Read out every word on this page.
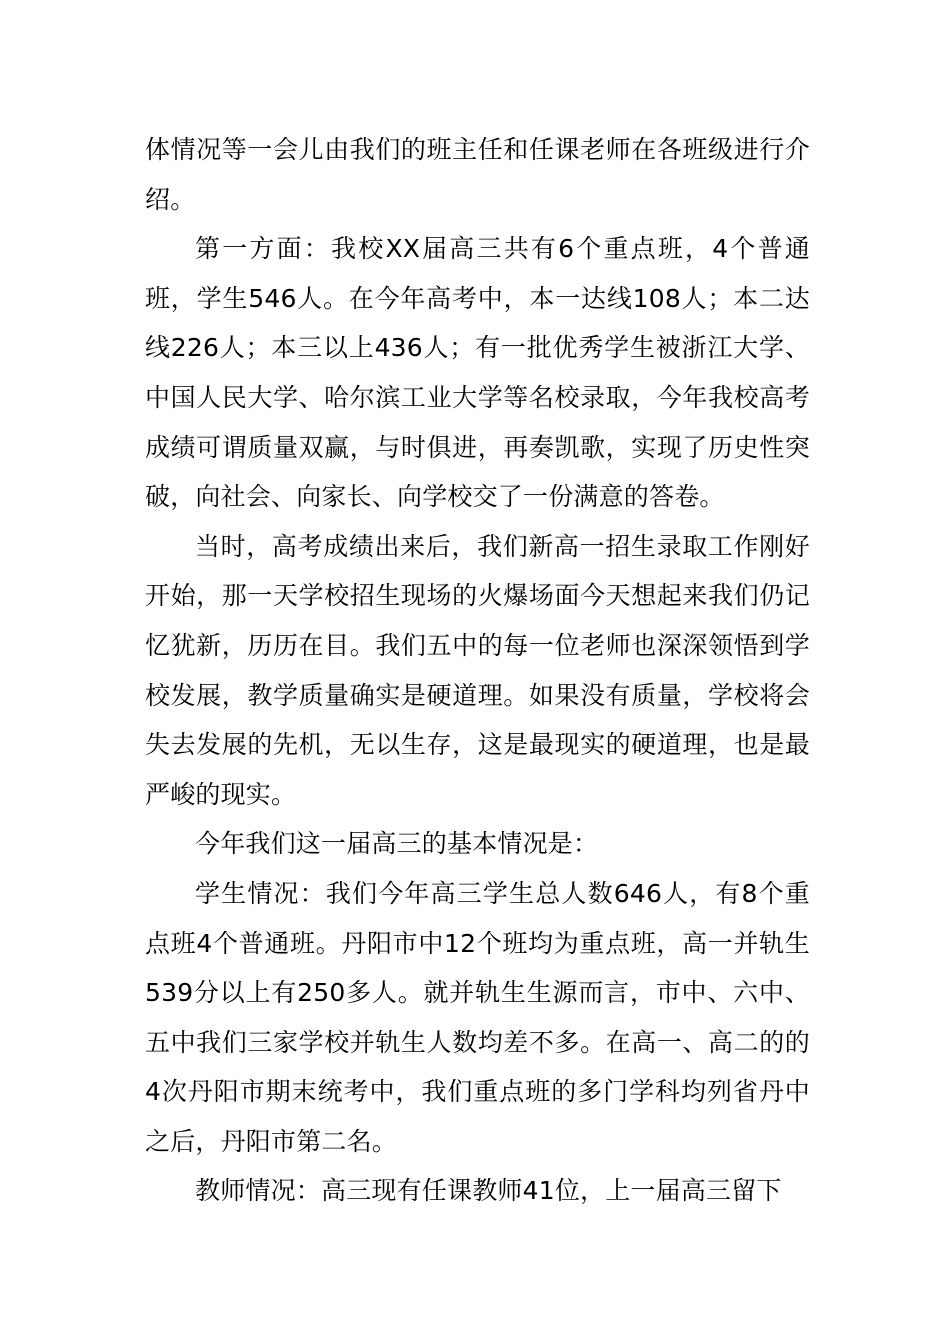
体情况等一会儿由我们的班主任和任课老师在各班级进行介绍。

第一方面：我校XX届高三共有6个重点班，4个普通班，学生546人。在今年高考中，本一达线108人；本二达线226人；本三以上436人；有一批优秀学生被浙江大学、中国人民大学、哈尔滨工业大学等名校录取，今年我校高考成绩可谓质量双赢，与时俱进，再奏凯歌，实现了历史性突破，向社会、向家长、向学校交了一份满意的答卷。

当时，高考成绩出来后，我们新高一招生录取工作刚好开始，那一天学校招生现场的火爆场面今天想起来我们仍记忆犹新，历历在目。我们五中的每一位老师也深深领悟到学校发展，教学质量确实是硬道理。如果没有质量，学校将会失去发展的先机，无以生存，这是最现实的硬道理，也是最严峻的现实。

今年我们这一届高三的基本情况是：

学生情况：我们今年高三学生总人数646人，有8个重点班4个普通班。丹阳市中12个班均为重点班，高一并轨生539分以上有250多人。就并轨生生源而言，市中、六中、五中我们三家学校并轨生人数均差不多。在高一、高二的的4次丹阳市期末统考中，我们重点班的多门学科均列省丹中之后，丹阳市第二名。

教师情况：高三现有任课教师41位，上一届高三留下
